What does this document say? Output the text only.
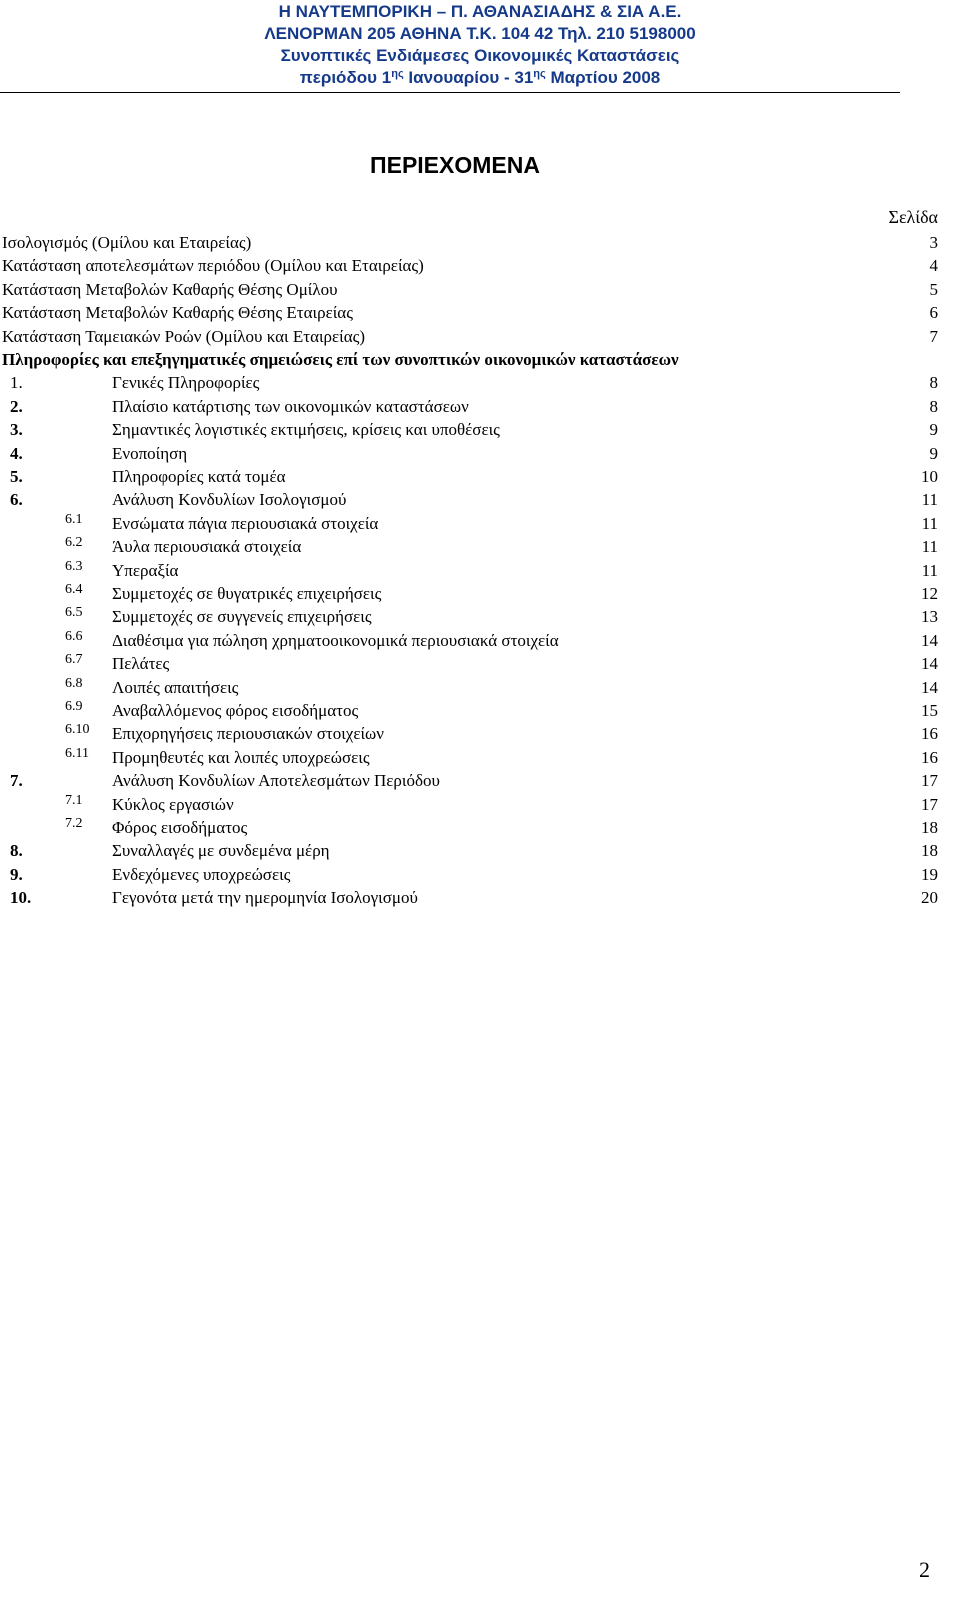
Η ΝΑΥΤΕΜΠΟΡΙΚΗ – Π. ΑΘΑΝΑΣΙΑΔΗΣ & ΣΙΑ Α.Ε.
ΛΕΝΟΡΜΑΝ 205 ΑΘΗΝΑ Τ.Κ. 104 42 Τηλ. 210 5198000
Συνοπτικές Ενδιάμεσες Οικονομικές Καταστάσεις
περιόδου $1^{\eta\varsigma}$ Ιανουαρίου - $31^{\eta\varsigma}$ Μαρτίου 2008
ΠΕΡΙΕΧΟΜΕΝΑ
Σελίδα
Ισολογισμός (Ομίλου και Εταιρείας)	3
Κατάσταση αποτελεσμάτων περιόδου (Ομίλου και Εταιρείας)	4
Κατάσταση Μεταβολών Καθαρής Θέσης Ομίλου	5
Κατάσταση Μεταβολών Καθαρής Θέσης Εταιρείας	6
Κατάσταση Ταμειακών Ροών (Ομίλου και Εταιρείας)	7
Πληροφορίες και επεξηγηματικές σημειώσεις επί των συνοπτικών οικονομικών καταστάσεων
1.	Γενικές Πληροφορίες	8
2.	Πλαίσιο κατάρτισης των οικονομικών καταστάσεων	8
3.	Σημαντικές λογιστικές εκτιμήσεις, κρίσεις και υποθέσεις	9
4.	Ενοποίηση	9
5.	Πληροφορίες κατά τομέα	10
6.	Ανάλυση Κονδυλίων Ισολογισμού	11
6.1 Ενσώματα πάγια περιουσιακά στοιχεία	11
6.2 Άυλα περιουσιακά στοιχεία	11
6.3 Υπεραξία	11
6.4 Συμμετοχές σε θυγατρικές επιχειρήσεις	12
6.5 Συμμετοχές σε συγγενείς επιχειρήσεις	13
6.6 Διαθέσιμα για πώληση χρηματοοικονομικά περιουσιακά στοιχεία	14
6.7 Πελάτες	14
6.8 Λοιπές απαιτήσεις	14
6.9 Αναβαλλόμενος φόρος εισοδήματος	15
6.10 Επιχορηγήσεις περιουσιακών στοιχείων	16
6.11 Προμηθευτές και λοιπές υποχρεώσεις	16
7.	Ανάλυση Κονδυλίων Αποτελεσμάτων Περιόδου	17
7.1 Κύκλος εργασιών	17
7.2 Φόρος εισοδήματος	18
8.	Συναλλαγές με συνδεμένα μέρη	18
9.	Ενδεχόμενες υποχρεώσεις	19
10.	Γεγονότα μετά την ημερομηνία Ισολογισμού	20
2
